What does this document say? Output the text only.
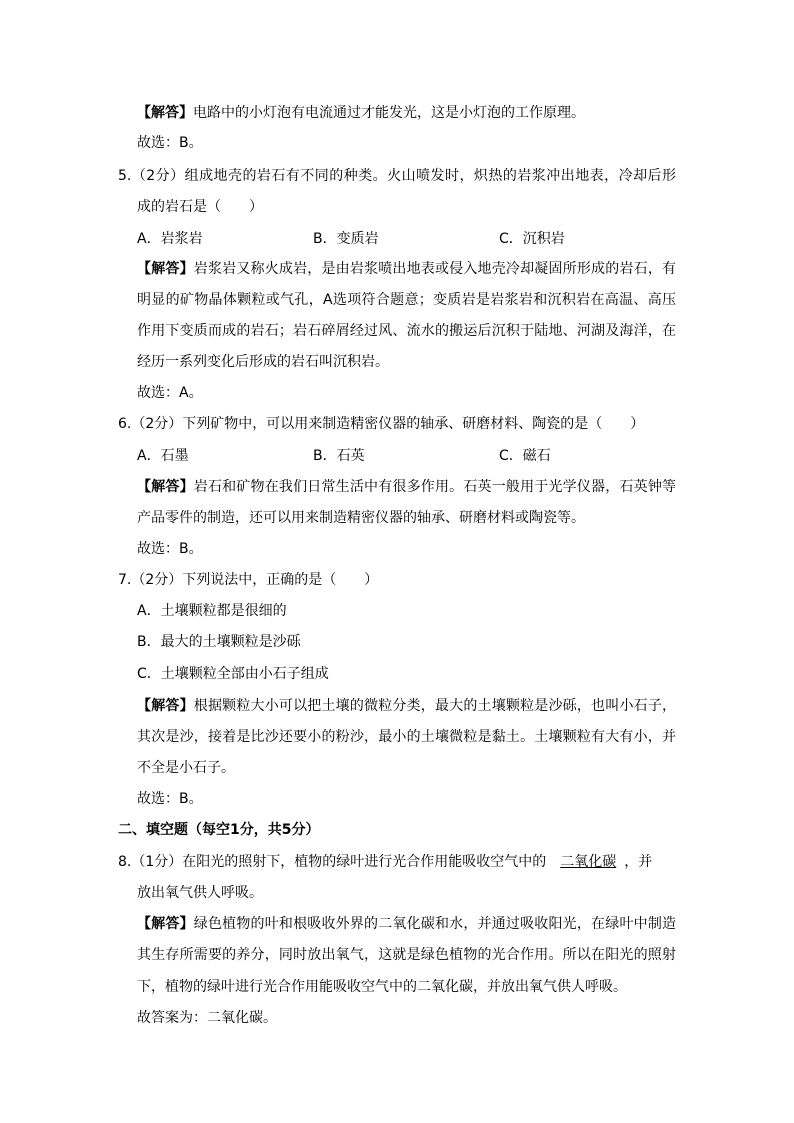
【解答】电路中的小灯泡有电流通过才能发光，这是小灯泡的工作原理。
故选：B。
5.（2分）组成地壳的岩石有不同的种类。火山喷发时，炽热的岩浆冲出地表，冷却后形
成的岩石是（　　）
A．岩浆岩	B．变质岩	C．沉积岩
【解答】岩浆岩又称火成岩，是由岩浆喷出地表或侵入地壳冷却凝固所形成的岩石，有
明显的矿物晶体颗粒或气孔，A选项符合题意；变质岩是岩浆岩和沉积岩在高温、高压
作用下变质而成的岩石；岩石碎屑经过风、流水的搬运后沉积于陆地、河湖及海洋，在
经历一系列变化后形成的岩石叫沉积岩。
故选：A。
6.（2分）下列矿物中，可以用来制造精密仪器的轴承、研磨材料、陶瓷的是（　　）
A．石墨	B．石英	C．磁石
【解答】岩石和矿物在我们日常生活中有很多作用。石英一般用于光学仪器，石英钟等
产品零件的制造，还可以用来制造精密仪器的轴承、研磨材料或陶瓷等。
故选：B。
7.（2分）下列说法中，正确的是（　　）
A．土壤颗粒都是很细的
B．最大的土壤颗粒是沙砾
C．土壤颗粒全部由小石子组成
【解答】根据颗粒大小可以把土壤的微粒分类，最大的土壤颗粒是沙砾，也叫小石子，
其次是沙，接着是比沙还要小的粉沙，最小的土壤微粒是黏土。土壤颗粒有大有小，并
不全是小石子。
故选：B。
二、填空题（每空1分，共5分）
8.（1分）在阳光的照射下，植物的绿叶进行光合作用能吸收空气中的 二氧化碳 ，并
放出氧气供人呼吸。
【解答】绿色植物的叶和根吸收外界的二氧化碳和水，并通过吸收阳光，在绿叶中制造
其生存所需要的养分，同时放出氧气，这就是绿色植物的光合作用。所以在阳光的照射
下，植物的绿叶进行光合作用能吸收空气中的二氧化碳，并放出氧气供人呼吸。
故答案为：二氧化碳。
